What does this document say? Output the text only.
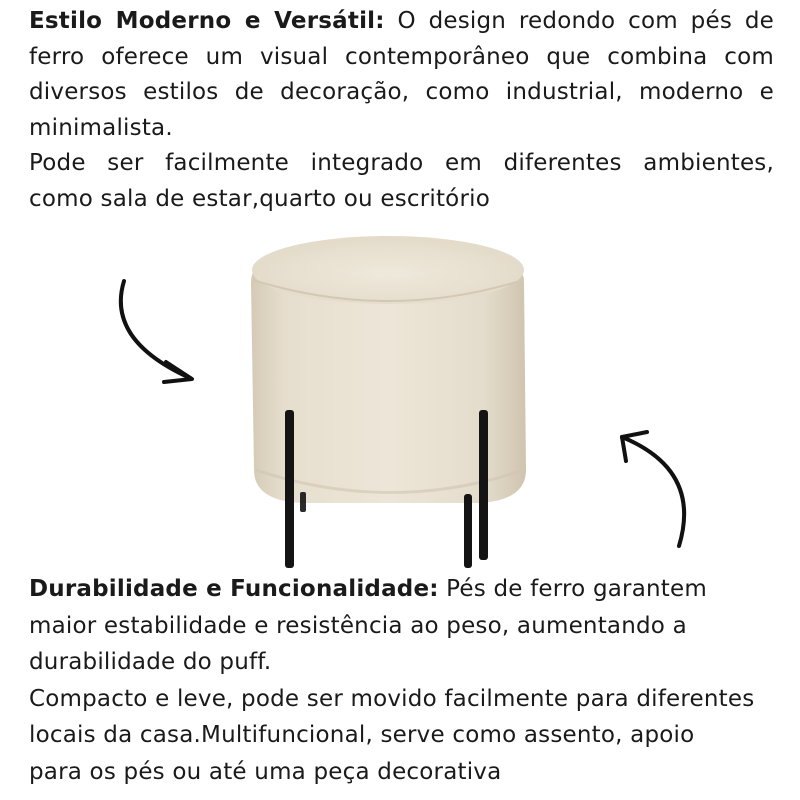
Estilo Moderno e Versátil: O design redondo com pés de
ferro oferece um visual contemporâneo que combina com
diversos estilos de decoração, como industrial, moderno e
minimalista.
Pode ser facilmente integrado em diferentes ambientes,
como sala de estar,quarto ou escritório

Durabilidade e Funcionalidade: Pés de ferro garantem
maior estabilidade e resistência ao peso, aumentando a
durabilidade do puff.
Compacto e leve, pode ser movido facilmente para diferentes
locais da casa.Multifuncional, serve como assento, apoio
para os pés ou até uma peça decorativa
